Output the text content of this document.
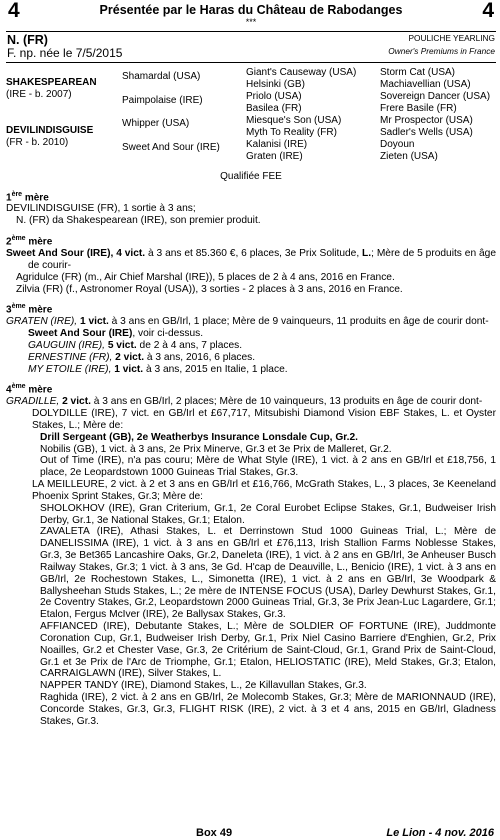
4	4
Présentée par le Haras du Château de Rabodanges
***
N. (FR)
F. np. née le 7/5/2015
POULICHE YEARLING
Owner's Premiums in France
SHAKESPEAREAN
(IRE - b. 2007)
DEVILINDISGUISE
(FR - b. 2010)
Shamardal (USA)
Paimpolaise (IRE)
Whipper (USA)
Sweet And Sour (IRE)
Giant's Causeway (USA)
Helsinki (GB)
Priolo (USA)
Basilea (FR)
Miesque's Son (USA)
Myth To Reality (FR)
Kalanisi (IRE)
Graten (IRE)
Storm Cat (USA)
Machiavellian (USA)
Sovereign Dancer (USA)
Frere Basile (FR)
Mr Prospector (USA)
Sadler's Wells (USA)
Doyoun
Zieten (USA)
Qualifiée FEE
1ère mère

DEVILINDISGUISE (FR), 1 sortie à 3 ans;

N. (FR) da Shakespearean (IRE), son premier produit.

2ème mère

Sweet And Sour (IRE), 4 vict. à 3 ans et 85.360 €, 6 places, 3e Prix Solitude, L.; Mère de 5 produits en âge de courir-

Agridulce (FR) (m., Air Chief Marshal (IRE)), 5 places de 2 à 4 ans, 2016 en France.

Zilvia (FR) (f., Astronomer Royal (USA)), 3 sorties - 2 places à 3 ans, 2016 en France.

3ème mère

GRATEN (IRE), 1 vict. à 3 ans en GB/Irl, 1 place; Mère de 9 vainqueurs, 11 produits en âge de courir dont-

Sweet And Sour (IRE), voir ci-dessus.

GAUGUIN (IRE), 5 vict. de 2 à 4 ans, 7 places.

ERNESTINE (FR), 2 vict. à 3 ans, 2016, 6 places.

MY ETOILE (IRE), 1 vict. à 3 ans, 2015 en Italie, 1 place.

4ème mère

GRADILLE, 2 vict. à 3 ans en GB/Irl, 2 places; Mère de 10 vainqueurs, 13 produits en âge de courir dont-

DOLYDILLE (IRE), 7 vict. en GB/Irl et £67,717, Mitsubishi Diamond Vision EBF Stakes, L. et Oyster Stakes, L.; Mère de:

Drill Sergeant (GB), 2e Weatherbys Insurance Lonsdale Cup, Gr.2.

Nobilis (GB), 1 vict. à 3 ans, 2e Prix Minerve, Gr.3 et 3e Prix de Malleret, Gr.2.

Out of Time (IRE), n'a pas couru; Mère de What Style (IRE), 1 vict. à 2 ans en GB/Irl et £18,756, 1 place, 2e Leopardstown 1000 Guineas Trial Stakes, Gr.3.

LA MEILLEURE, 2 vict. à 2 et 3 ans en GB/Irl et £16,766, McGrath Stakes, L., 3 places, 3e Keeneland Phoenix Sprint Stakes, Gr.3; Mère de:

SHOLOKHOV (IRE), Gran Criterium, Gr.1, 2e Coral Eurobet Eclipse Stakes, Gr.1, Budweiser Irish Derby, Gr.1, 3e National Stakes, Gr.1; Etalon.

ZAVALETA (IRE), Athasi Stakes, L. et Derrinstown Stud 1000 Guineas Trial, L.; Mère de DANELISSIMA (IRE), 1 vict. à 3 ans en GB/Irl et £76,113, Irish Stallion Farms Noblesse Stakes, Gr.3, 3e Bet365 Lancashire Oaks, Gr.2, Daneleta (IRE), 1 vict. à 2 ans en GB/Irl, 3e Anheuser Busch Railway Stakes, Gr.3; 1 vict. à 3 ans, 3e Gd. H'cap de Deauville, L., Benicio (IRE), 1 vict. à 3 ans en GB/Irl, 2e Rochestown Stakes, L., Simonetta (IRE), 1 vict. à 2 ans en GB/Irl, 3e Woodpark & Ballysheehan Studs Stakes, L.; 2e mère de INTENSE FOCUS (USA), Darley Dewhurst Stakes, Gr.1, 2e Coventry Stakes, Gr.2, Leopardstown 2000 Guineas Trial, Gr.3, 3e Prix Jean-Luc Lagardere, Gr.1; Etalon, Fergus McIver (IRE), 2e Ballysax Stakes, Gr.3.

AFFIANCED (IRE), Debutante Stakes, L.; Mère de SOLDIER OF FORTUNE (IRE), Juddmonte Coronation Cup, Gr.1, Budweiser Irish Derby, Gr.1, Prix Niel Casino Barriere d'Enghien, Gr.2, Prix Noailles, Gr.2 et Chester Vase, Gr.3, 2e Critérium de Saint-Cloud, Gr.1, Grand Prix de Saint-Cloud, Gr.1 et 3e Prix de l'Arc de Triomphe, Gr.1; Etalon, HELIOSTATIC (IRE), Meld Stakes, Gr.3; Etalon, CARRAIGLAWN (IRE), Silver Stakes, L.

NAPPER TANDY (IRE), Diamond Stakes, L., 2e Killavullan Stakes, Gr.3.

Raghida (IRE), 2 vict. à 2 ans en GB/Irl, 2e Molecomb Stakes, Gr.3; Mère de MARIONNAUD (IRE), Concorde Stakes, Gr.3, Gr.3, FLIGHT RISK (IRE), 2 vict. à 3 et 4 ans, 2015 en GB/Irl, Gladness Stakes, Gr.3.

Box 49	Le Lion - 4 nov. 2016
